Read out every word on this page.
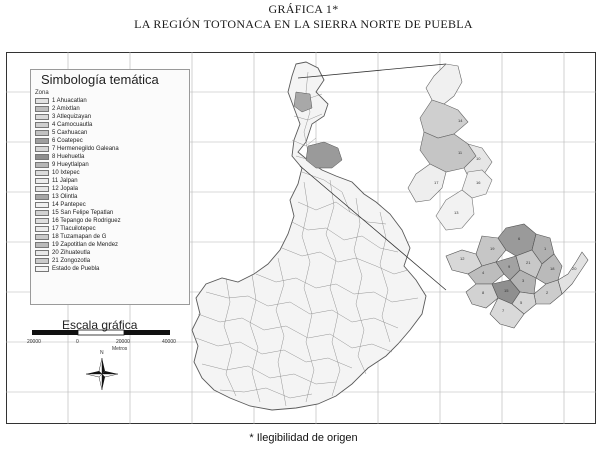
GRÁFICA 1*
LA REGIÓN TOTONACA EN LA SIERRA NORTE DE PUEBLA
14
11
17
10
16
13
12
19
6
1
4
9
21
18
8	15
3
2
5
7
20
N
Simbología temática
Zona
1 Ahuacatlan
2 Amixtlan
3 Atlequizayan
4 Camocuautla
5 Caxhuacan
6 Coatepec
7 Hermenegildo Galeana
8 Huehuetla
9 Hueytlalpan
10 Ixtepec
11 Jalpan
12 Jopala
13 Olintla
14 Pantepec
15 San Felipe Tepatlan
16 Tepango de Rodriguez
17 Tlacuilotepec
18 Tuzamapan de G
19 Zapotitlan de Mendez
20 Zihuateutla
21 Zongozotla
Estado de Puebla
Escala gráfica
20000	0	20000	40000
Metros
* Ilegibilidad de origen
